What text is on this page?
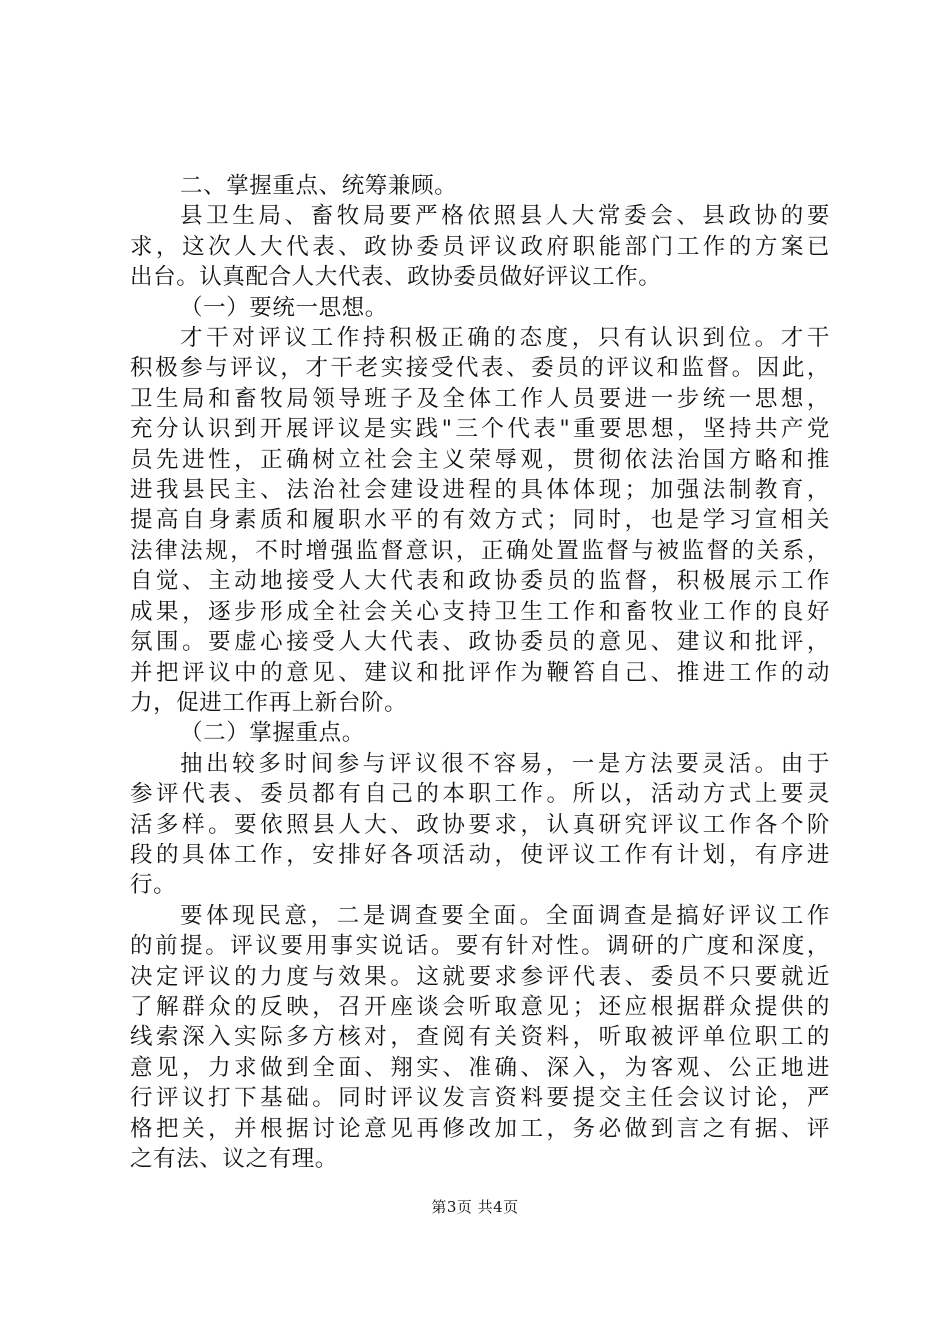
二、掌握重点、统筹兼顾。
县卫生局、畜牧局要严格依照县人大常委会、县政协的要
求，这次人大代表、政协委员评议政府职能部门工作的方案已
出台。认真配合人大代表、政协委员做好评议工作。
（一）要统一思想。
才干对评议工作持积极正确的态度，只有认识到位。才干
积极参与评议，才干老实接受代表、委员的评议和监督。因此，
卫生局和畜牧局领导班子及全体工作人员要进一步统一思想，
充分认识到开展评议是实践"三个代表"重要思想，坚持共产党
员先进性，正确树立社会主义荣辱观，贯彻依法治国方略和推
进我县民主、法治社会建设进程的具体体现；加强法制教育，
提高自身素质和履职水平的有效方式；同时，也是学习宣相关
法律法规，不时增强监督意识，正确处置监督与被监督的关系，
自觉、主动地接受人大代表和政协委员的监督，积极展示工作
成果，逐步形成全社会关心支持卫生工作和畜牧业工作的良好
氛围。要虚心接受人大代表、政协委员的意见、建议和批评，
并把评议中的意见、建议和批评作为鞭笞自己、推进工作的动
力，促进工作再上新台阶。
（二）掌握重点。
抽出较多时间参与评议很不容易，一是方法要灵活。由于
参评代表、委员都有自己的本职工作。所以，活动方式上要灵
活多样。要依照县人大、政协要求，认真研究评议工作各个阶
段的具体工作，安排好各项活动，使评议工作有计划，有序进
行。
要体现民意，二是调查要全面。全面调查是搞好评议工作
的前提。评议要用事实说话。要有针对性。调研的广度和深度，
决定评议的力度与效果。这就要求参评代表、委员不只要就近
了解群众的反映，召开座谈会听取意见；还应根据群众提供的
线索深入实际多方核对，查阅有关资料，听取被评单位职工的
意见，力求做到全面、翔实、准确、深入，为客观、公正地进
行评议打下基础。同时评议发言资料要提交主任会议讨论，严
格把关，并根据讨论意见再修改加工，务必做到言之有据、评
之有法、议之有理。
第3页 共4页
